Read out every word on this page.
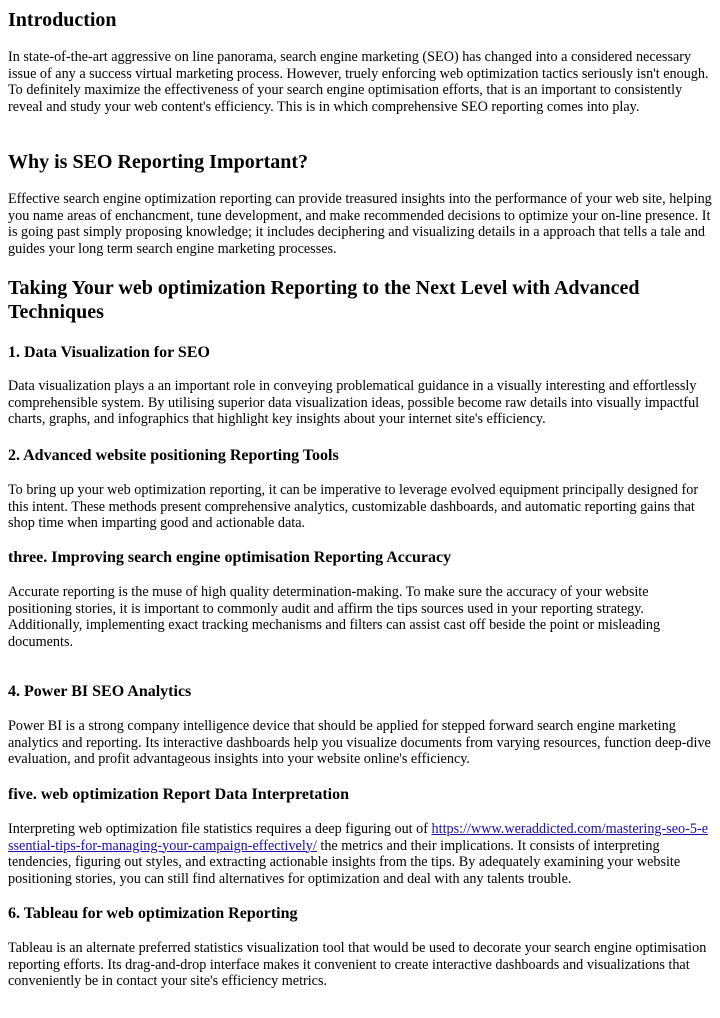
Introduction

In state-of-the-art aggressive on line panorama, search engine marketing (SEO) has changed into a considered necessary issue of any a success virtual marketing process. However, truely enforcing web optimization tactics seriously isn't enough. To definitely maximize the effectiveness of your search engine optimisation efforts, that is an important to consistently reveal and study your web content's efficiency. This is in which comprehensive SEO reporting comes into play.

Why is SEO Reporting Important?

Effective search engine optimization reporting can provide treasured insights into the performance of your web site, helping you name areas of enchancment, tune development, and make recommended decisions to optimize your on-line presence. It is going past simply proposing knowledge; it includes deciphering and visualizing details in a approach that tells a tale and guides your long term search engine marketing processes.

Taking Your web optimization Reporting to the Next Level with Advanced Techniques
1. Data Visualization for SEO

Data visualization plays a an important role in conveying problematical guidance in a visually interesting and effortlessly comprehensible system. By utilising superior data visualization ideas, possible become raw details into visually impactful charts, graphs, and infographics that highlight key insights about your internet site's efficiency.

2. Advanced website positioning Reporting Tools

To bring up your web optimization reporting, it can be imperative to leverage evolved equipment principally designed for this intent. These methods present comprehensive analytics, customizable dashboards, and automatic reporting gains that shop time when imparting good and actionable data.

three. Improving search engine optimisation Reporting Accuracy

Accurate reporting is the muse of high quality determination-making. To make sure the accuracy of your website positioning stories, it is important to commonly audit and affirm the tips sources used in your reporting strategy. Additionally, implementing exact tracking mechanisms and filters can assist cast off beside the point or misleading documents.

4. Power BI SEO Analytics

Power BI is a strong company intelligence device that should be applied for stepped forward search engine marketing analytics and reporting. Its interactive dashboards help you visualize documents from varying resources, function deep-dive evaluation, and profit advantageous insights into your website online's efficiency.

five. web optimization Report Data Interpretation

Interpreting web optimization file statistics requires a deep figuring out of https://www.weraddicted.com/mastering-seo-5-essential-tips-for-managing-your-campaign-effectively/ the metrics and their implications. It consists of interpreting tendencies, figuring out styles, and extracting actionable insights from the tips. By adequately examining your website positioning stories, you can still find alternatives for optimization and deal with any talents trouble.

6. Tableau for web optimization Reporting

Tableau is an alternate preferred statistics visualization tool that would be used to decorate your search engine optimisation reporting efforts. Its drag-and-drop interface makes it convenient to create interactive dashboards and visualizations that conveniently be in contact your site's efficiency metrics.
